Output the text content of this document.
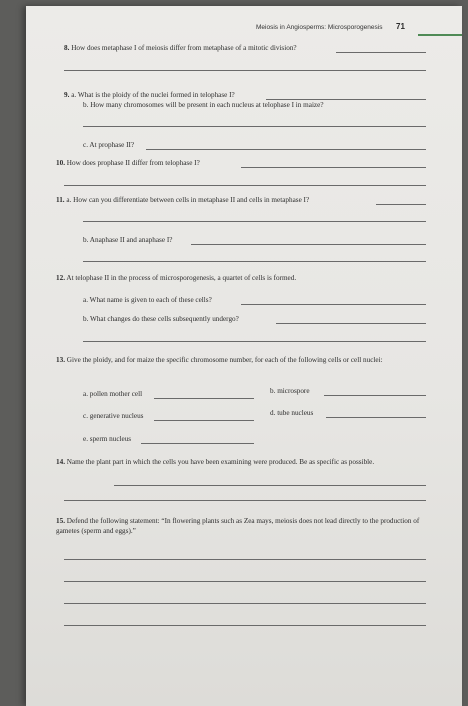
Meiosis in Angiosperms: Microsporogenesis 71
8. How does metaphase I of meiosis differ from metaphase of a mitotic division?
9. a. What is the ploidy of the nuclei formed in telophase I?
b. How many chromosomes will be present in each nucleus at telophase I in maize?
c. At prophase II?
10. How does prophase II differ from telophase I?
11. a. How can you differentiate between cells in metaphase II and cells in metaphase I?
b. Anaphase II and anaphase I?
12. At telophase II in the process of microsporogenesis, a quartet of cells is formed.
a. What name is given to each of these cells?
b. What changes do these cells subsequently undergo?
13. Give the ploidy, and for maize the specific chromosome number, for each of the following cells or cell nuclei:
a. pollen mother cell	b. microspore
c. generative nucleus	d. tube nucleus
e. sperm nucleus
14. Name the plant part in which the cells you have been examining were produced. Be as specific as possible.
15. Defend the following statement: “In flowering plants such as Zea mays, meiosis does not lead directly to the production of gametes (sperm and eggs).”
